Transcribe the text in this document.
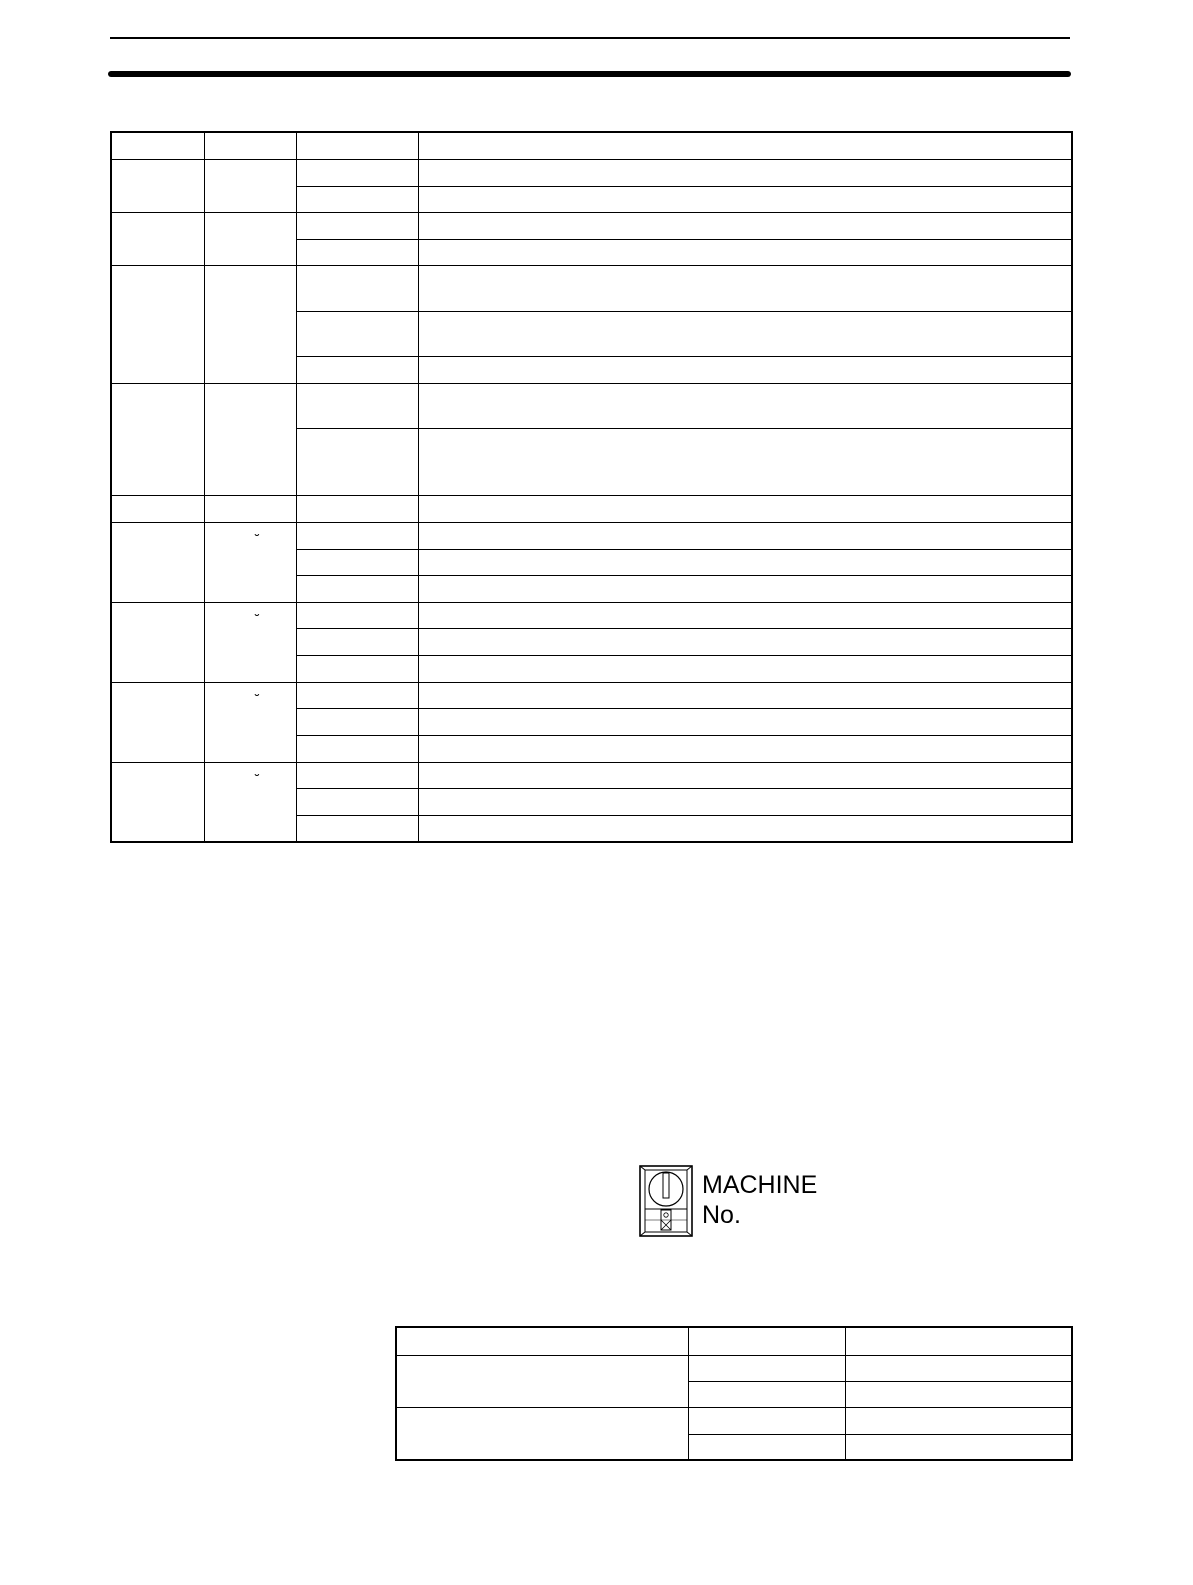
	˘		

	˘		

	˘		

	˘		

MACHINE
No.
